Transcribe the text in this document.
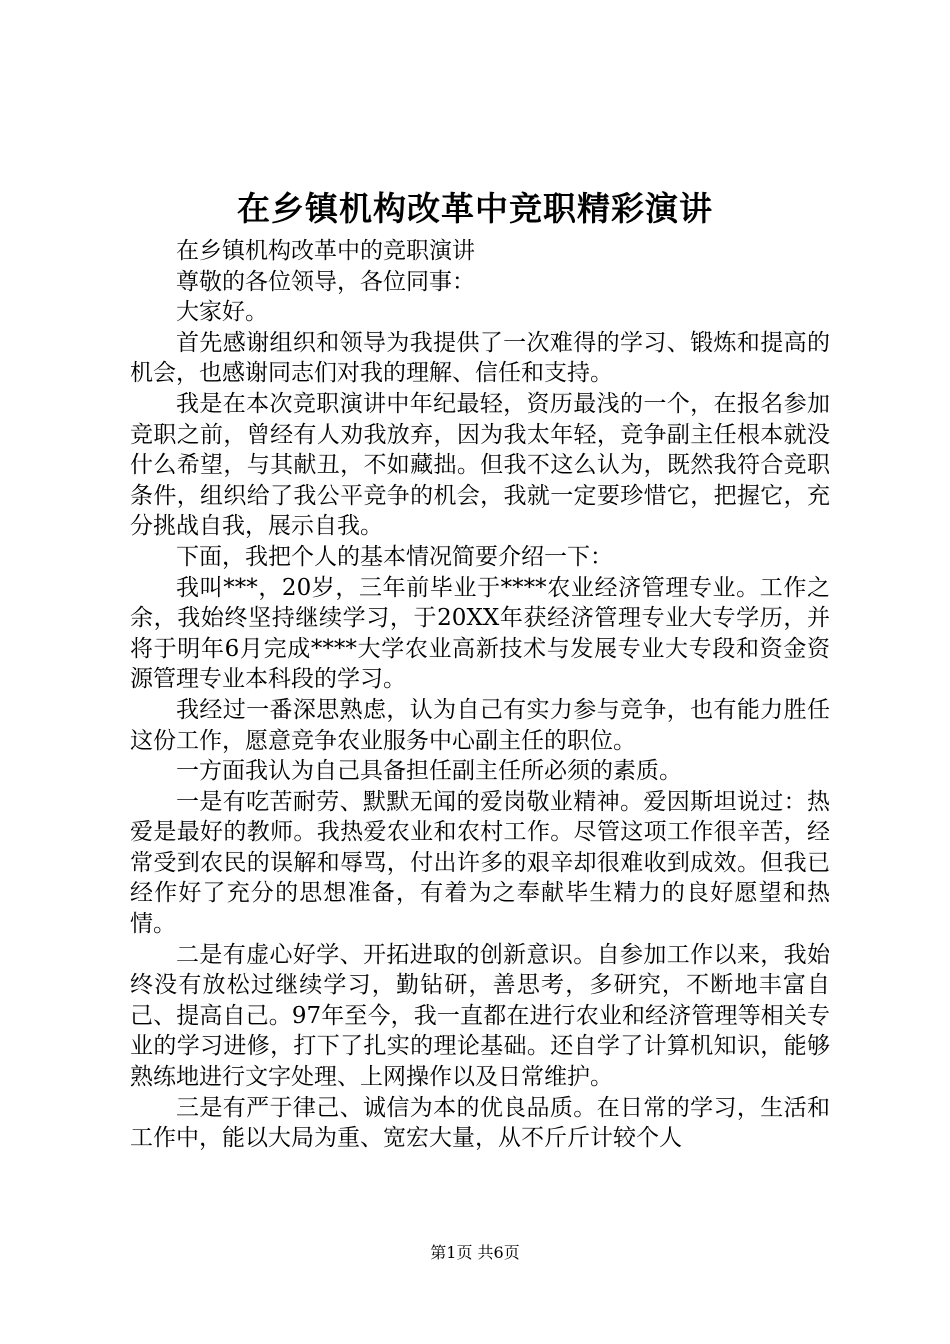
在乡镇机构改革中竞职精彩演讲

在乡镇机构改革中的竞职演讲

尊敬的各位领导，各位同事：

大家好。

首先感谢组织和领导为我提供了一次难得的学习、锻炼和提高的机会，也感谢同志们对我的理解、信任和支持。

我是在本次竞职演讲中年纪最轻，资历最浅的一个，在报名参加竞职之前，曾经有人劝我放弃，因为我太年轻，竞争副主任根本就没什么希望，与其献丑，不如藏拙。但我不这么认为，既然我符合竞职条件，组织给了我公平竞争的机会，我就一定要珍惜它，把握它，充分挑战自我，展示自我。

下面，我把个人的基本情况简要介绍一下：

我叫***，20岁，三年前毕业于****农业经济管理专业。工作之余，我始终坚持继续学习，于20XX年获经济管理专业大专学历，并将于明年6月完成****大学农业高新技术与发展专业大专段和资金资源管理专业本科段的学习。

我经过一番深思熟虑，认为自己有实力参与竞争，也有能力胜任这份工作，愿意竞争农业服务中心副主任的职位。

一方面我认为自己具备担任副主任所必须的素质。

一是有吃苦耐劳、默默无闻的爱岗敬业精神。爱因斯坦说过：热爱是最好的教师。我热爱农业和农村工作。尽管这项工作很辛苦，经常受到农民的误解和辱骂，付出许多的艰辛却很难收到成效。但我已经作好了充分的思想准备，有着为之奉献毕生精力的良好愿望和热情。

二是有虚心好学、开拓进取的创新意识。自参加工作以来，我始终没有放松过继续学习，勤钻研，善思考，多研究，不断地丰富自己、提高自己。97年至今，我一直都在进行农业和经济管理等相关专业的学习进修，打下了扎实的理论基础。还自学了计算机知识，能够熟练地进行文字处理、上网操作以及日常维护。

三是有严于律己、诚信为本的优良品质。在日常的学习，生活和工作中，能以大局为重、宽宏大量，从不斤斤计较个人

第1页 共6页
